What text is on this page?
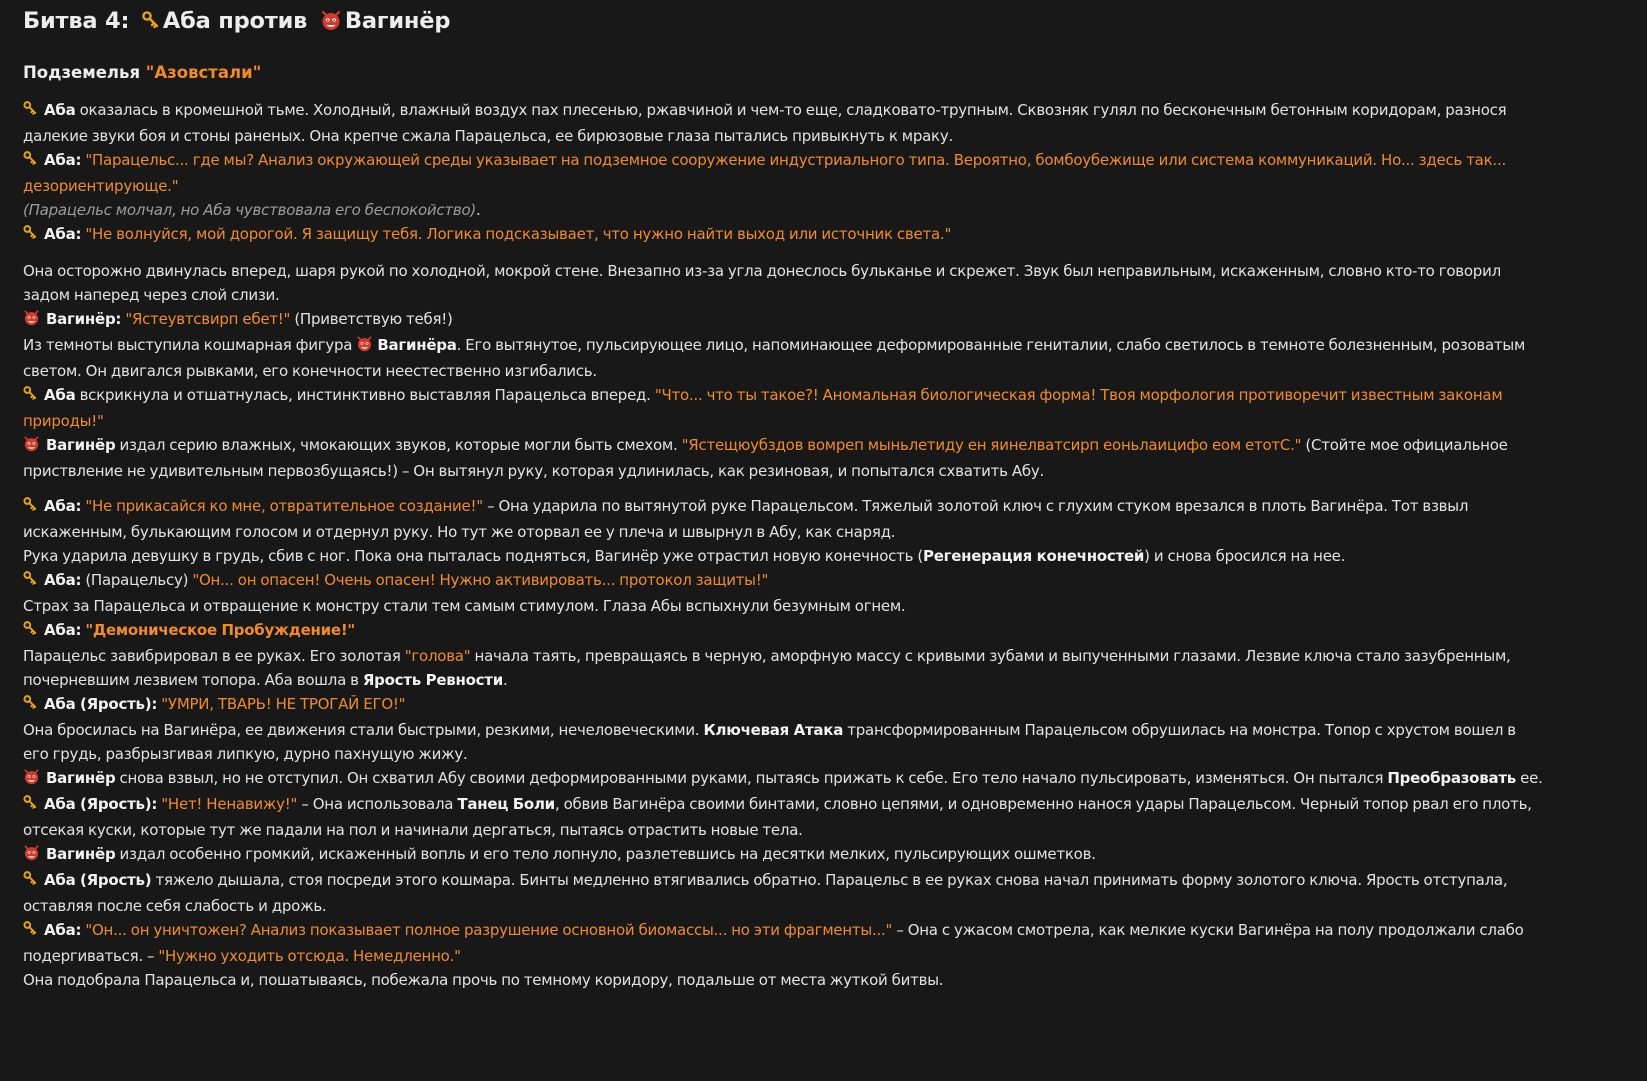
Битва 4: Аба против Вагинёр
Подземелья "Азовстали"

Аба оказалась в кромешной тьме. Холодный, влажный воздух пах плесенью, ржавчиной и чем-то еще, сладковато-трупным. Сквозняк гулял по бесконечным бетонным коридорам, разнося далекие звуки боя и стоны раненых. Она крепче сжала Парацельса, ее бирюзовые глаза пытались привыкнуть к мраку.

Аба: "Парацельс... где мы? Анализ окружающей среды указывает на подземное сооружение индустриального типа. Вероятно, бомбоубежище или система коммуникаций. Но... здесь так... дезориентирующе."

(Парацельс молчал, но Аба чувствовала его беспокойство).

Аба: "Не волнуйся, мой дорогой. Я защищу тебя. Логика подсказывает, что нужно найти выход или источник света."

Она осторожно двинулась вперед, шаря рукой по холодной, мокрой стене. Внезапно из-за угла донеслось бульканье и скрежет. Звук был неправильным, искаженным, словно кто-то говорил задом наперед через слой слизи.

Вагинёр: "Ястеувтсвирп ебет!" (Приветствую тебя!)

Из темноты выступила кошмарная фигура Вагинёра. Его вытянутое, пульсирующее лицо, напоминающее деформированные гениталии, слабо светилось в темноте болезненным, розоватым светом. Он двигался рывками, его конечности неестественно изгибались.

Аба вскрикнула и отшатнулась, инстинктивно выставляя Парацельса вперед. "Что... что ты такое?! Аномальная биологическая форма! Твоя морфология противоречит известным законам природы!"

Вагинёр издал серию влажных, чмокающих звуков, которые могли быть смехом. "Ястещюубздов вомреп мыньлетиду ен яинелватсирп еоньлаицифо еом етотС." (Стойте мое официальное приствление не удивительным первозбущаясь!) – Он вытянул руку, которая удлинилась, как резиновая, и попытался схватить Абу.

Аба: "Не прикасайся ко мне, отвратительное создание!" – Она ударила по вытянутой руке Парацельсом. Тяжелый золотой ключ с глухим стуком врезался в плоть Вагинёра. Тот взвыл искаженным, булькающим голосом и отдернул руку. Но тут же оторвал ее у плеча и швырнул в Абу, как снаряд.

Рука ударила девушку в грудь, сбив с ног. Пока она пыталась подняться, Вагинёр уже отрастил новую конечность (Регенерация конечностей) и снова бросился на нее.

Аба: (Парацельсу) "Он... он опасен! Очень опасен! Нужно активировать... протокол защиты!"

Страх за Парацельса и отвращение к монстру стали тем самым стимулом. Глаза Абы вспыхнули безумным огнем.

Аба: "Демоническое Пробуждение!"

Парацельс завибрировал в ее руках. Его золотая "голова" начала таять, превращаясь в черную, аморфную массу с кривыми зубами и выпученными глазами. Лезвие ключа стало зазубренным, почерневшим лезвием топора. Аба вошла в Ярость Ревности.

Аба (Ярость): "УМРИ, ТВАРЬ! НЕ ТРОГАЙ ЕГО!"

Она бросилась на Вагинёра, ее движения стали быстрыми, резкими, нечеловеческими. Ключевая Атака трансформированным Парацельсом обрушилась на монстра. Топор с хрустом вошел в его грудь, разбрызгивая липкую, дурно пахнущую жижу.

Вагинёр снова взвыл, но не отступил. Он схватил Абу своими деформированными руками, пытаясь прижать к себе. Его тело начало пульсировать, изменяться. Он пытался Преобразовать ее.

Аба (Ярость): "Нет! Ненавижу!" – Она использовала Танец Боли, обвив Вагинёра своими бинтами, словно цепями, и одновременно нанося удары Парацельсом. Черный топор рвал его плоть, отсекая куски, которые тут же падали на пол и начинали дергаться, пытаясь отрастить новые тела.

Вагинёр издал особенно громкий, искаженный вопль и его тело лопнуло, разлетевшись на десятки мелких, пульсирующих ошметков.

Аба (Ярость) тяжело дышала, стоя посреди этого кошмара. Бинты медленно втягивались обратно. Парацельс в ее руках снова начал принимать форму золотого ключа. Ярость отступала, оставляя после себя слабость и дрожь.

Аба: "Он... он уничтожен? Анализ показывает полное разрушение основной биомассы... но эти фрагменты..." – Она с ужасом смотрела, как мелкие куски Вагинёра на полу продолжали слабо подергиваться. – "Нужно уходить отсюда. Немедленно."

Она подобрала Парацельса и, пошатываясь, побежала прочь по темному коридору, подальше от места жуткой битвы.
